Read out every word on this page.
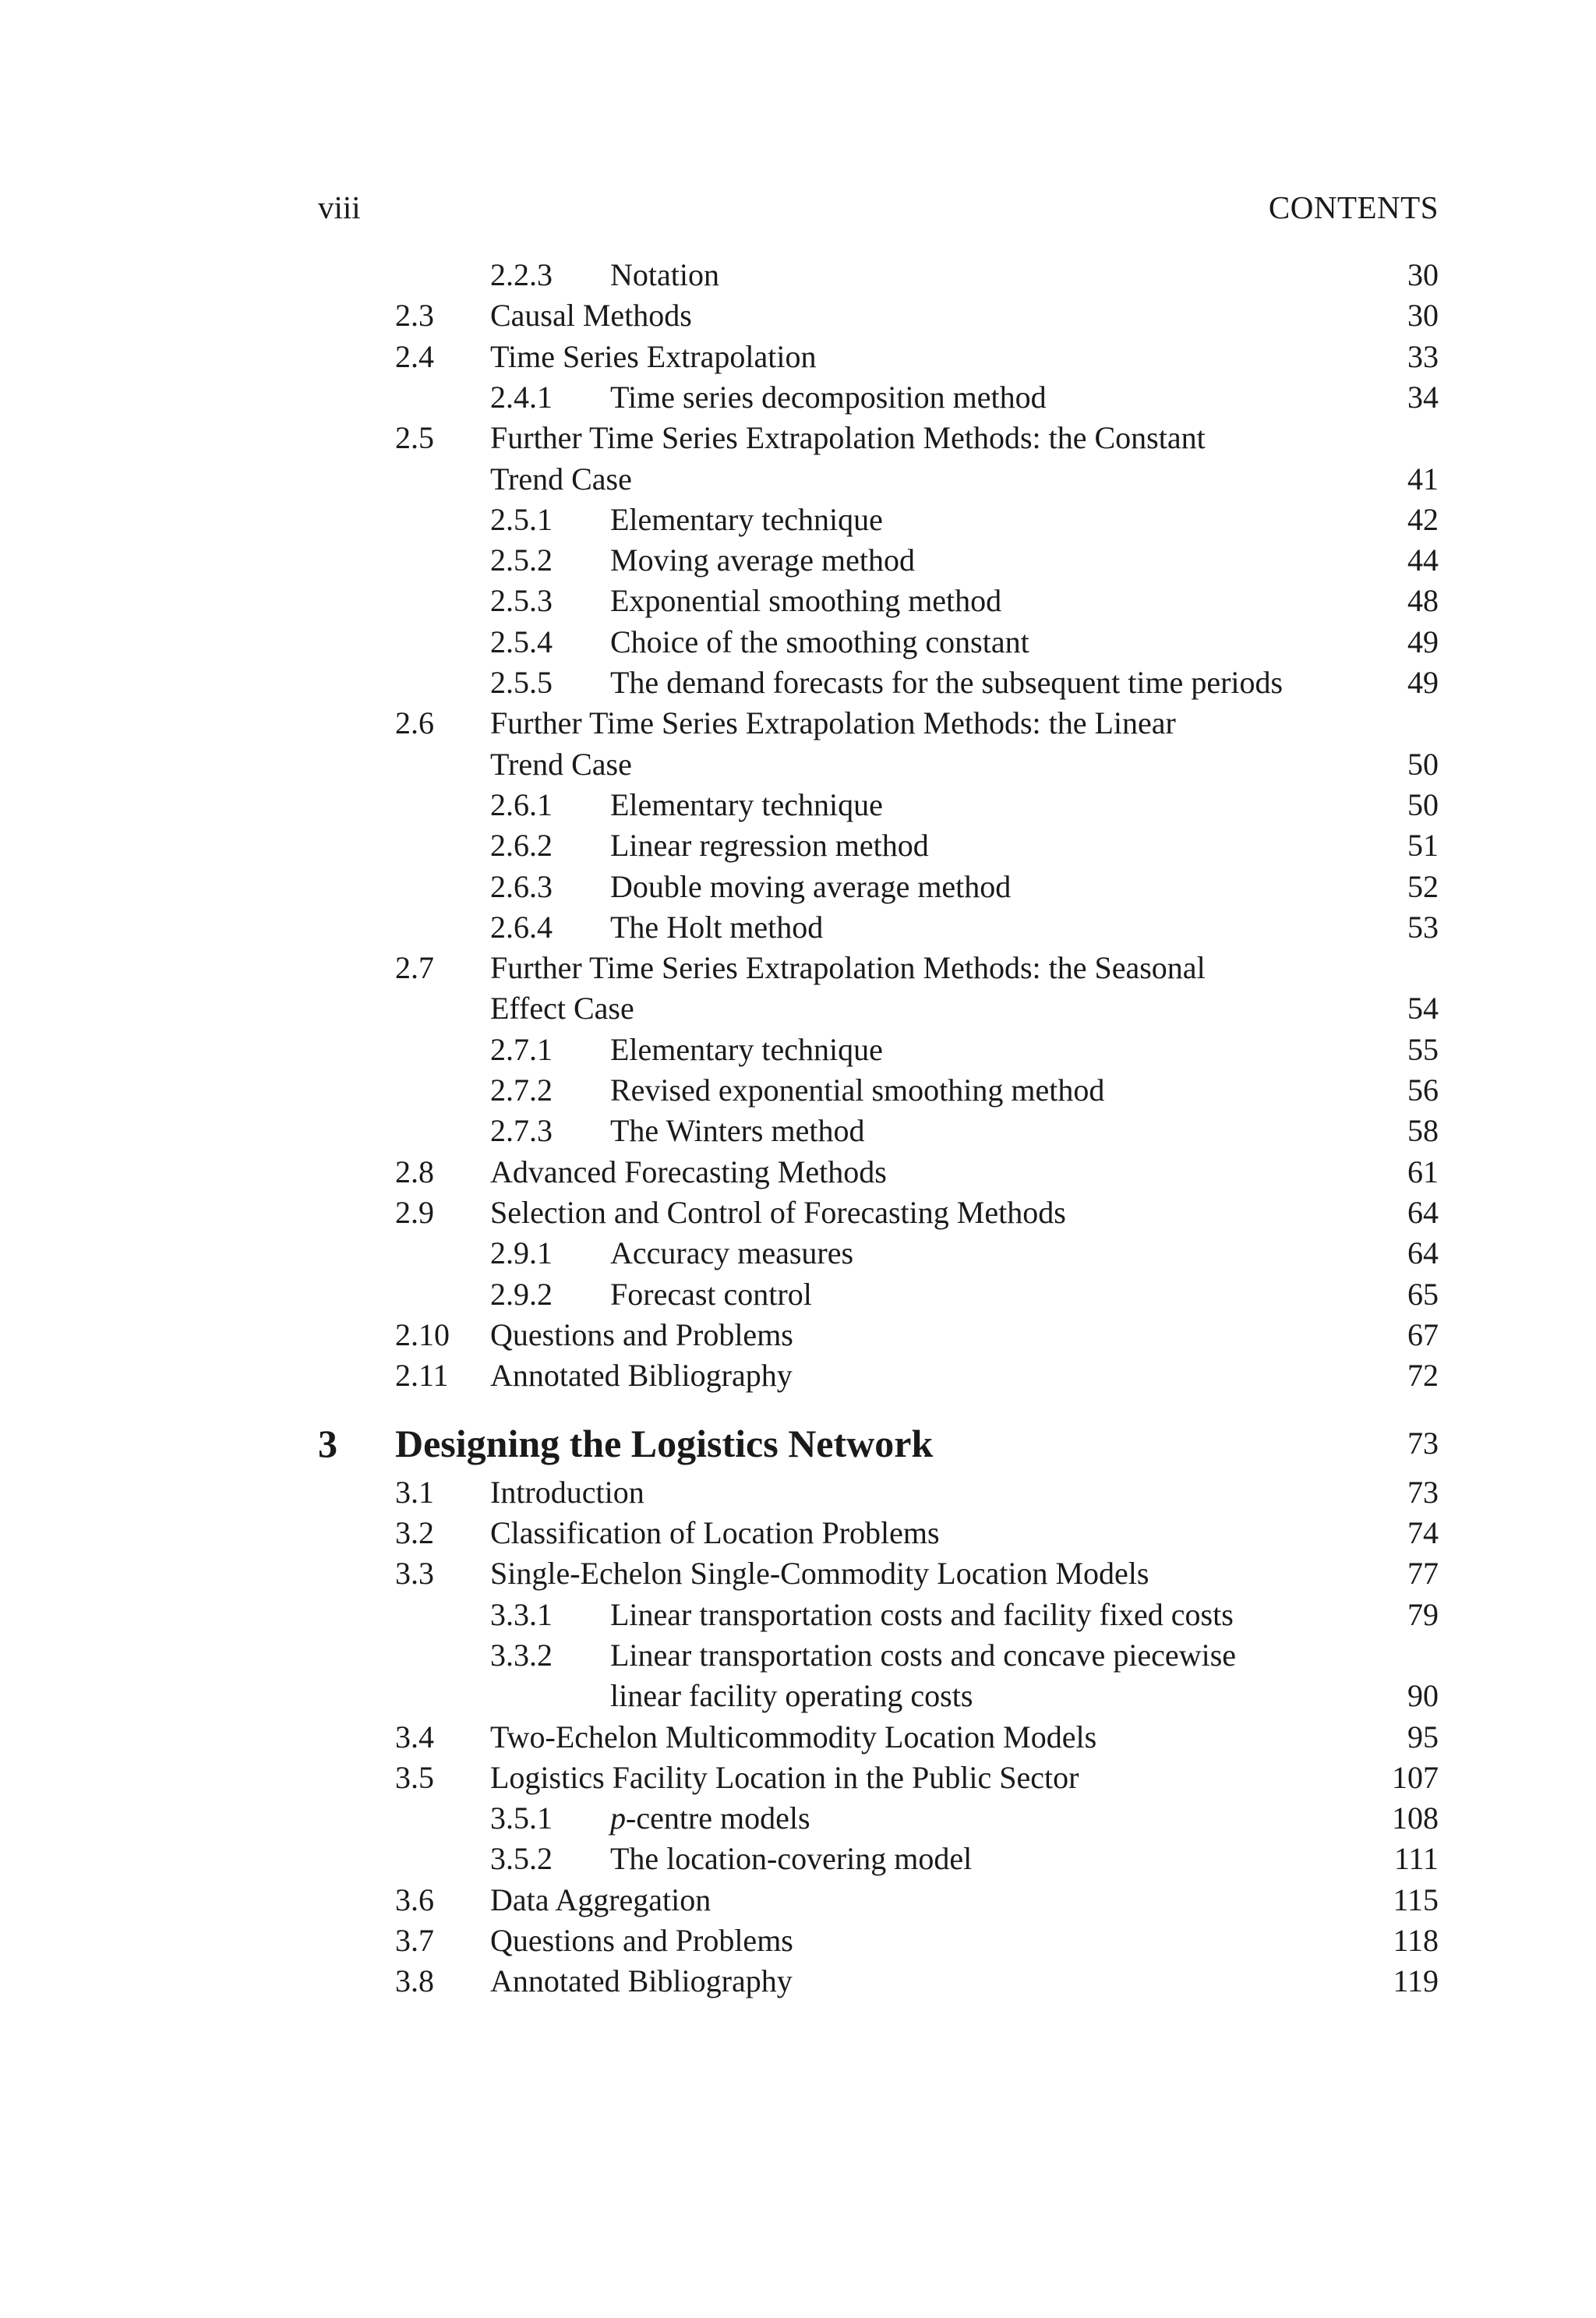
viii	CONTENTS
2.2.3 Notation	30
2.3 Causal Methods	30
2.4 Time Series Extrapolation	33
2.4.1 Time series decomposition method	34
2.5 Further Time Series Extrapolation Methods: the Constant
Trend Case	41
2.5.1 Elementary technique	42
2.5.2 Moving average method	44
2.5.3 Exponential smoothing method	48
2.5.4 Choice of the smoothing constant	49
2.5.5 The demand forecasts for the subsequent time periods	49
2.6 Further Time Series Extrapolation Methods: the Linear
Trend Case	50
2.6.1 Elementary technique	50
2.6.2 Linear regression method	51
2.6.3 Double moving average method	52
2.6.4 The Holt method	53
2.7 Further Time Series Extrapolation Methods: the Seasonal
Effect Case	54
2.7.1 Elementary technique	55
2.7.2 Revised exponential smoothing method	56
2.7.3 The Winters method	58
2.8 Advanced Forecasting Methods	61
2.9 Selection and Control of Forecasting Methods	64
2.9.1 Accuracy measures	64
2.9.2 Forecast control	65
2.10 Questions and Problems	67
2.11 Annotated Bibliography	72
3 Designing the Logistics Network	73
3.1 Introduction	73
3.2 Classification of Location Problems	74
3.3 Single-Echelon Single-Commodity Location Models	77
3.3.1 Linear transportation costs and facility fixed costs	79
3.3.2 Linear transportation costs and concave piecewise
linear facility operating costs	90
3.4 Two-Echelon Multicommodity Location Models	95
3.5 Logistics Facility Location in the Public Sector	107
3.5.1 p-centre models	108
3.5.2 The location-covering model	111
3.6 Data Aggregation	115
3.7 Questions and Problems	118
3.8 Annotated Bibliography	119
